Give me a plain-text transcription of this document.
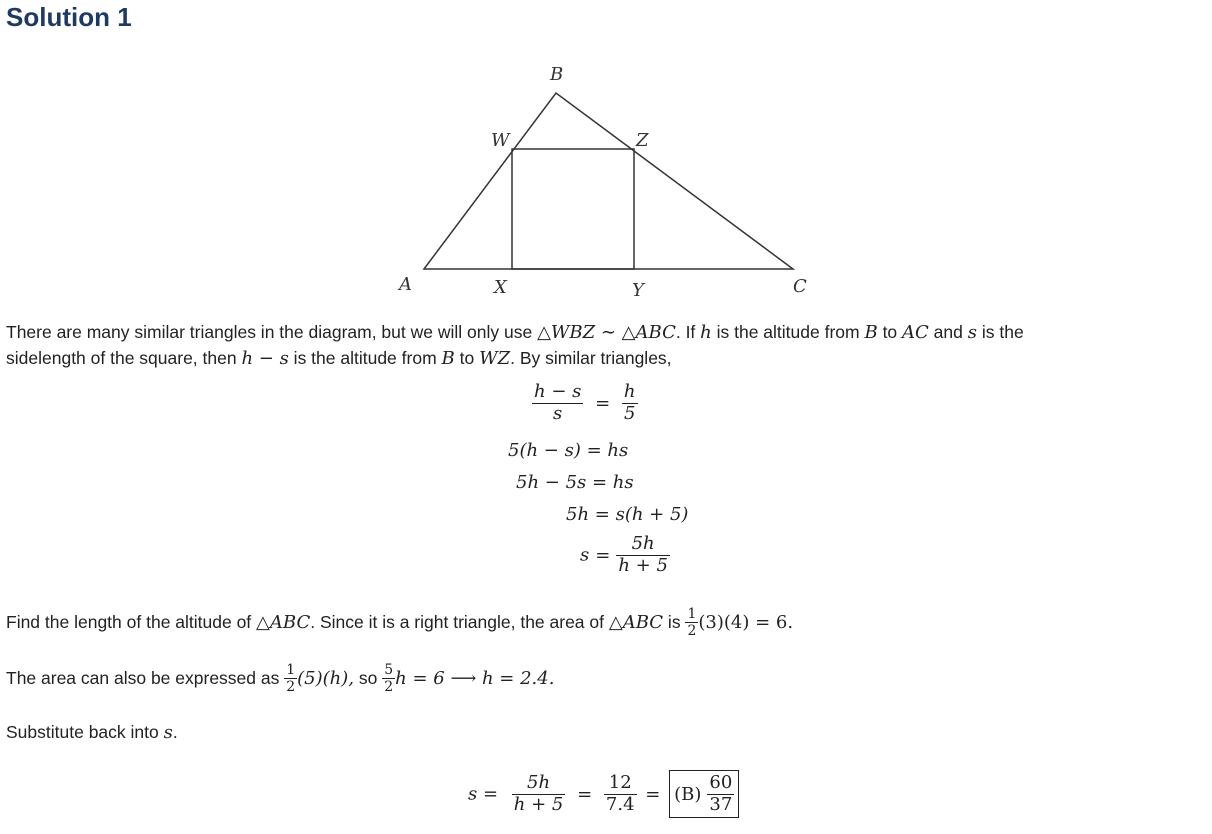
Solution 1
B
W	Z
A	X	Y	C
There are many similar triangles in the diagram, but we will only use △WBZ ∼ △ABC. If h is the altitude from B to AC and s is the
sidelength of the square, then h − s is the altitude from B to WZ. By similar triangles,
$\frac{h - s}{s} = \frac{h}{5}$
5(h − s) = hs
5h − 5s = hs
5h = s(h + 5)
$s = \frac{5h}{h + 5}$
Find the length of the altitude of △ABC. Since it is a right triangle, the area of △ABC is $\frac{1}{2} (3)(4) = 6$.
The area can also be expressed as $\frac{1}{2} (5)(h)$, so $\frac{5}{2}$ h = 6 ⟶ h = 2.4.
Substitute back into s.
$s = \frac{5h}{h + 5} = \frac{12}{7.4} = (B) \frac{60}{37}$
